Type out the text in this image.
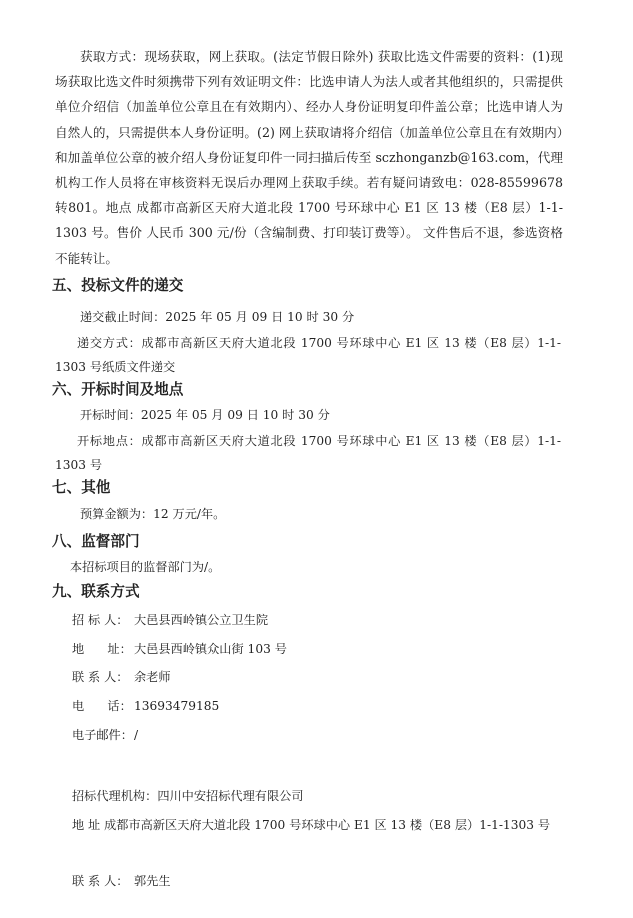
获取方式：现场获取，网上获取。(法定节假日除外) 获取比选文件需要的资料：(1)现场获取比选文件时须携带下列有效证明文件：比选申请人为法人或者其他组织的，只需提供单位介绍信（加盖单位公章且在有效期内）、经办人身份证明复印件盖公章；比选申请人为自然人的，只需提供本人身份证明。(2) 网上获取请将介绍信（加盖单位公章且在有效期内）和加盖单位公章的被介绍人身份证复印件一同扫描后传至 sczhonganzb@163.com，代理机构工作人员将在审核资料无误后办理网上获取手续。若有疑问请致电：028-85599678 转801。地点 成都市高新区天府大道北段 1700 号环球中心 E1 区 13 楼（E8 层）1-1-1303 号。售价 人民币 300 元/份（含编制费、打印装订费等）。 文件售后不退，参选资格不能转让。

五、投标文件的递交

递交截止时间：2025 年 05 月 09 日 10 时 30 分

递交方式：成都市高新区天府大道北段 1700 号环球中心 E1 区 13 楼（E8 层）1-1-1303 号纸质文件递交

六、开标时间及地点

开标时间：2025 年 05 月 09 日 10 时 30 分

开标地点：成都市高新区天府大道北段 1700 号环球中心 E1 区 13 楼（E8 层）1-1-1303 号

七、其他

预算金额为：12 万元/年。

八、监督部门

本招标项目的监督部门为/。

九、联系方式
招 标 人： 大邑县西岭镇公立卫生院
地      址： 大邑县西岭镇众山街 103 号
联 系 人： 余老师
电      话： 13693479185
电子邮件：/
招标代理机构：四川中安招标代理有限公司

地 址 成都市高新区天府大道北段 1700 号环球中心 E1 区 13 楼（E8 层）1-1-1303 号

联 系 人： 郭先生
